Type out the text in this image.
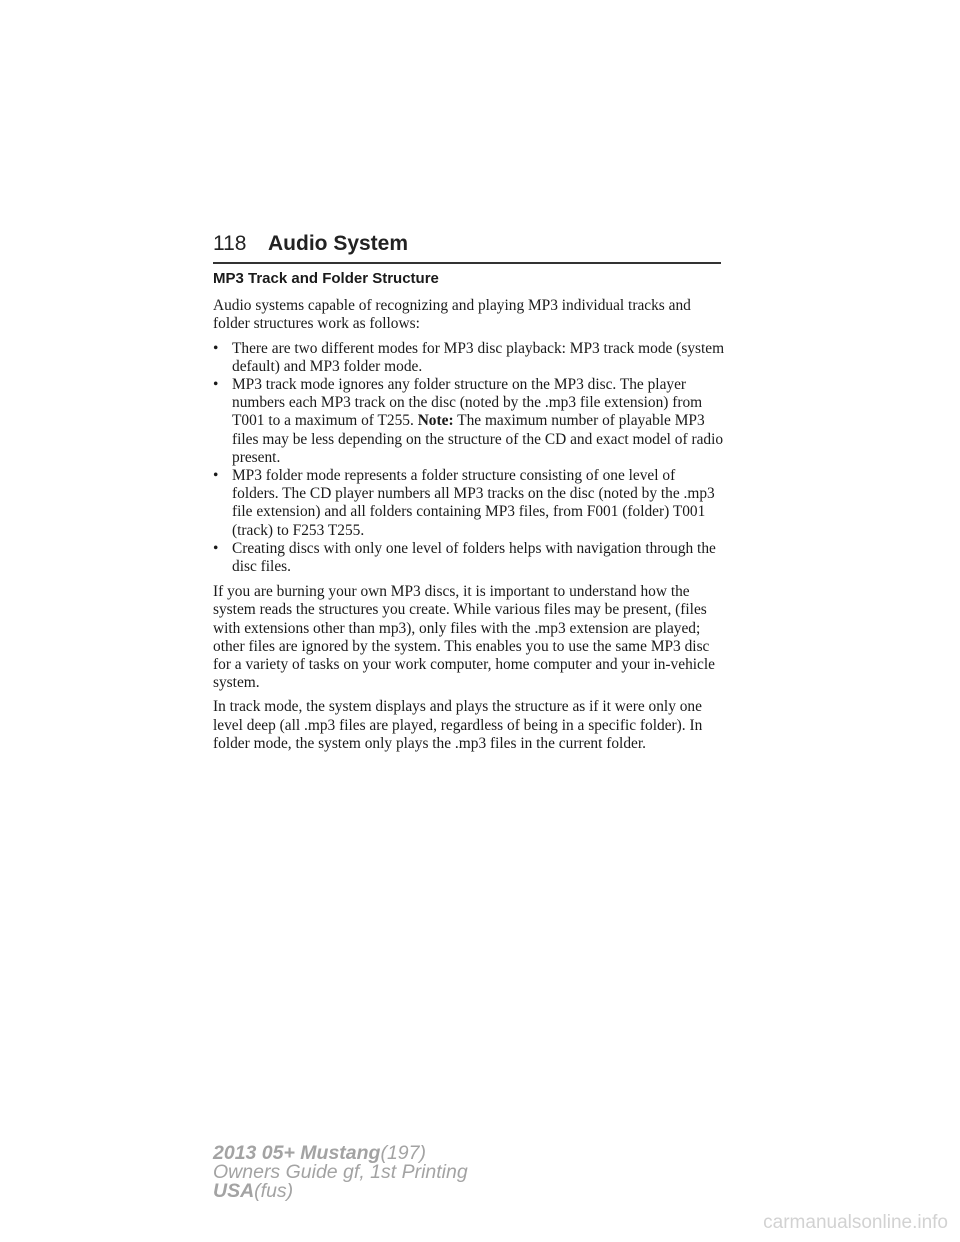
118 Audio System
MP3 Track and Folder Structure

Audio systems capable of recognizing and playing MP3 individual tracks and folder structures work as follows:

• There are two different modes for MP3 disc playback: MP3 track mode (system default) and MP3 folder mode.
• MP3 track mode ignores any folder structure on the MP3 disc. The player numbers each MP3 track on the disc (noted by the .mp3 file extension) from T001 to a maximum of T255. Note: The maximum number of playable MP3 files may be less depending on the structure of the CD and exact model of radio present.
• MP3 folder mode represents a folder structure consisting of one level of folders. The CD player numbers all MP3 tracks on the disc (noted by the .mp3 file extension) and all folders containing MP3 files, from F001 (folder) T001 (track) to F253 T255.
• Creating discs with only one level of folders helps with navigation through the disc files.

If you are burning your own MP3 discs, it is important to understand how the system reads the structures you create. While various files may be present, (files with extensions other than mp3), only files with the .mp3 extension are played; other files are ignored by the system. This enables you to use the same MP3 disc for a variety of tasks on your work computer, home computer and your in-vehicle system.

In track mode, the system displays and plays the structure as if it were only one level deep (all .mp3 files are played, regardless of being in a specific folder). In folder mode, the system only plays the .mp3 files in the current folder.

2013 05+ Mustang(197)
Owners Guide gf, 1st Printing
USA(fus)
carmanualsonline.info
